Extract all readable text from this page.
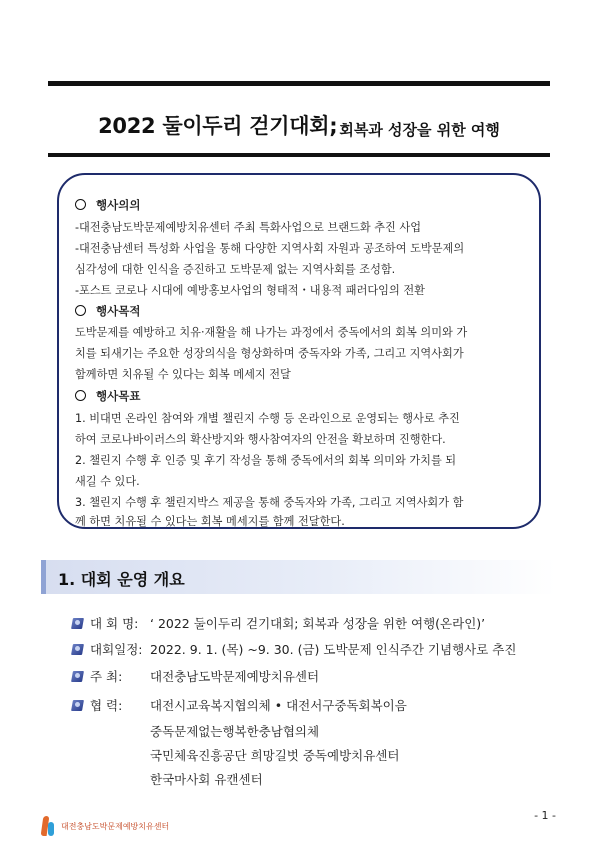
2022 둘이두리 걷기대회; 회복과 성장을 위한 여행
행사의의
-대전충남도박문제예방치유센터 주최 특화사업으로 브랜드화 추진 사업
-대전충남센터 특성화 사업을 통해 다양한 지역사회 자원과 공조하여 도박문제의
심각성에 대한 인식을 증진하고 도박문제 없는 지역사회를 조성함.
-포스트 코로나 시대에 예방홍보사업의 형태적・내용적 패러다임의 전환
행사목적
도박문제를 예방하고 치유·재활을 해 나가는 과정에서 중독에서의 회복 의미와 가
치를 되새기는 주요한 성장의식을 형상화하며 중독자와 가족, 그리고 지역사회가
함께하면 치유될 수 있다는 회복 메세지 전달
행사목표
1. 비대면 온라인 참여와 개별 챌린지 수행 등 온라인으로 운영되는 행사로 추진
하여 코로나바이러스의 확산방지와 행사참여자의 안전을 확보하며 진행한다.
2. 챌린지 수행 후 인증 및 후기 작성을 통해 중독에서의 회복 의미와 가치를 되
새길 수 있다.
3. 챌린지 수행 후 챌린지박스 제공을 통해 중독자와 가족, 그리고 지역사회가 함
께 하면 치유될 수 있다는 회복 메세지를 함께 전달한다.
1. 대회 운영 개요
대 회 명: ‘ 2022 둘이두리 걷기대회; 회복과 성장을 위한 여행(온라인)’
대회일정: 2022. 9. 1. (목) ~9. 30. (금) 도박문제 인식주간 기념행사로 추진
주 최:	대전충남도박문제예방치유센터
협 력:	대전시교육복지협의체 • 대전서구중독회복이음
중독문제없는행복한충남협의체
국민체육진흥공단 희망길벗 중독예방치유센터
한국마사회 유캔센터
대전충남도박문제예방치유센터
- 1 -
